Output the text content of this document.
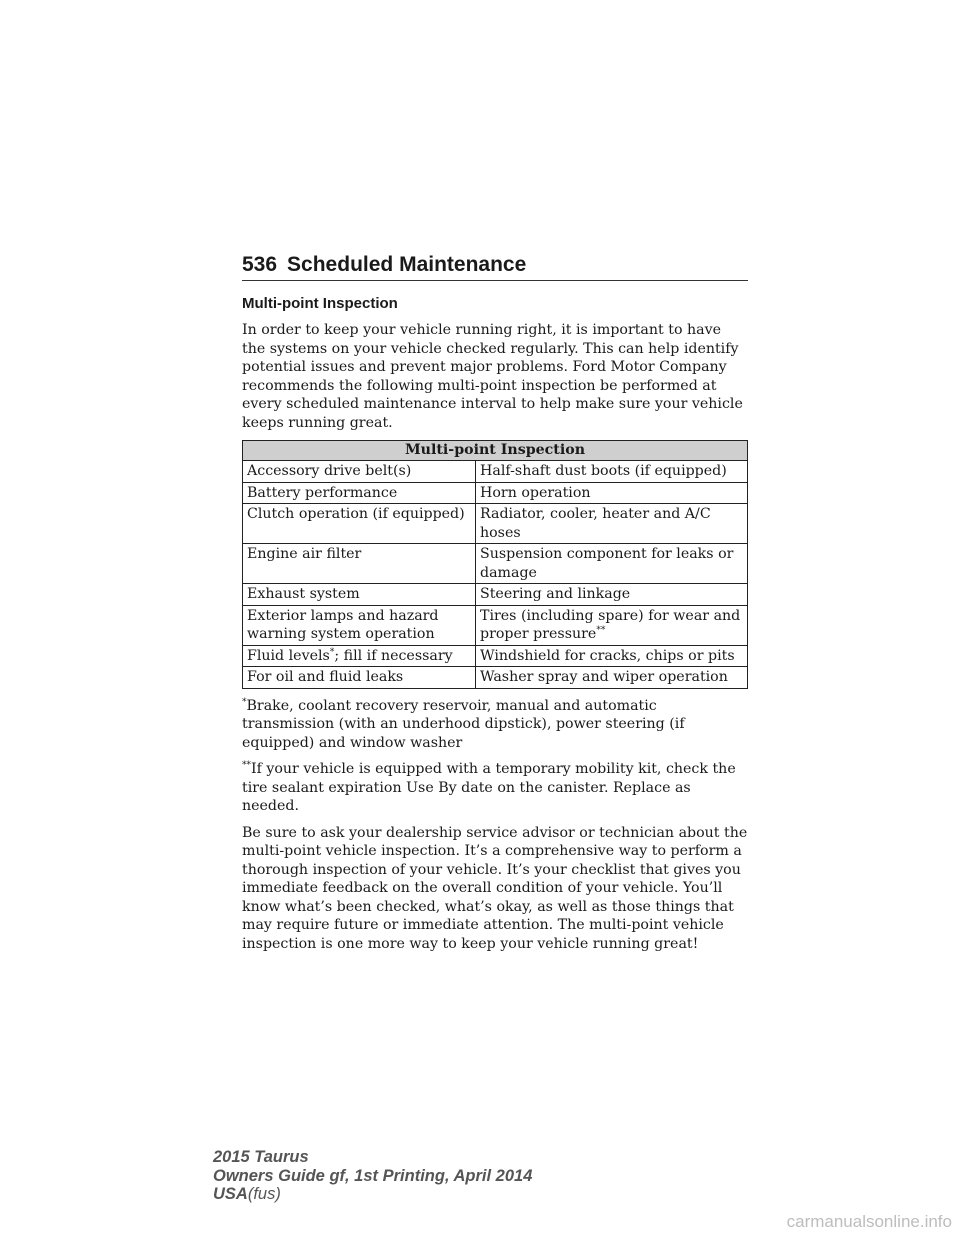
536 Scheduled Maintenance
Multi-point Inspection

In order to keep your vehicle running right, it is important to have the systems on your vehicle checked regularly. This can help identify potential issues and prevent major problems. Ford Motor Company recommends the following multi-point inspection be performed at every scheduled maintenance interval to help make sure your vehicle keeps running great.

Multi-point Inspection	
Accessory drive belt(s)	Half-shaft dust boots (if equipped)
Battery performance	Horn operation
Clutch operation (if equipped)	Radiator, cooler, heater and A/C hoses
Engine air filter	Suspension component for leaks or damage
Exhaust system	Steering and linkage
Exterior lamps and hazard warning system operation	Tires (including spare) for wear and proper pressure**
Fluid levels*; fill if necessary	Windshield for cracks, chips or pits
For oil and fluid leaks	Washer spray and wiper operation

*Brake, coolant recovery reservoir, manual and automatic transmission (with an underhood dipstick), power steering (if equipped) and window washer

**If your vehicle is equipped with a temporary mobility kit, check the tire sealant expiration Use By date on the canister. Replace as needed.

Be sure to ask your dealership service advisor or technician about the multi-point vehicle inspection. It’s a comprehensive way to perform a thorough inspection of your vehicle. It’s your checklist that gives you immediate feedback on the overall condition of your vehicle. You’ll know what’s been checked, what’s okay, as well as those things that may require future or immediate attention. The multi-point vehicle inspection is one more way to keep your vehicle running great!

2015 Taurus
Owners Guide gf, 1st Printing, April 2014
USA(fus)
carmanualsonline.info
